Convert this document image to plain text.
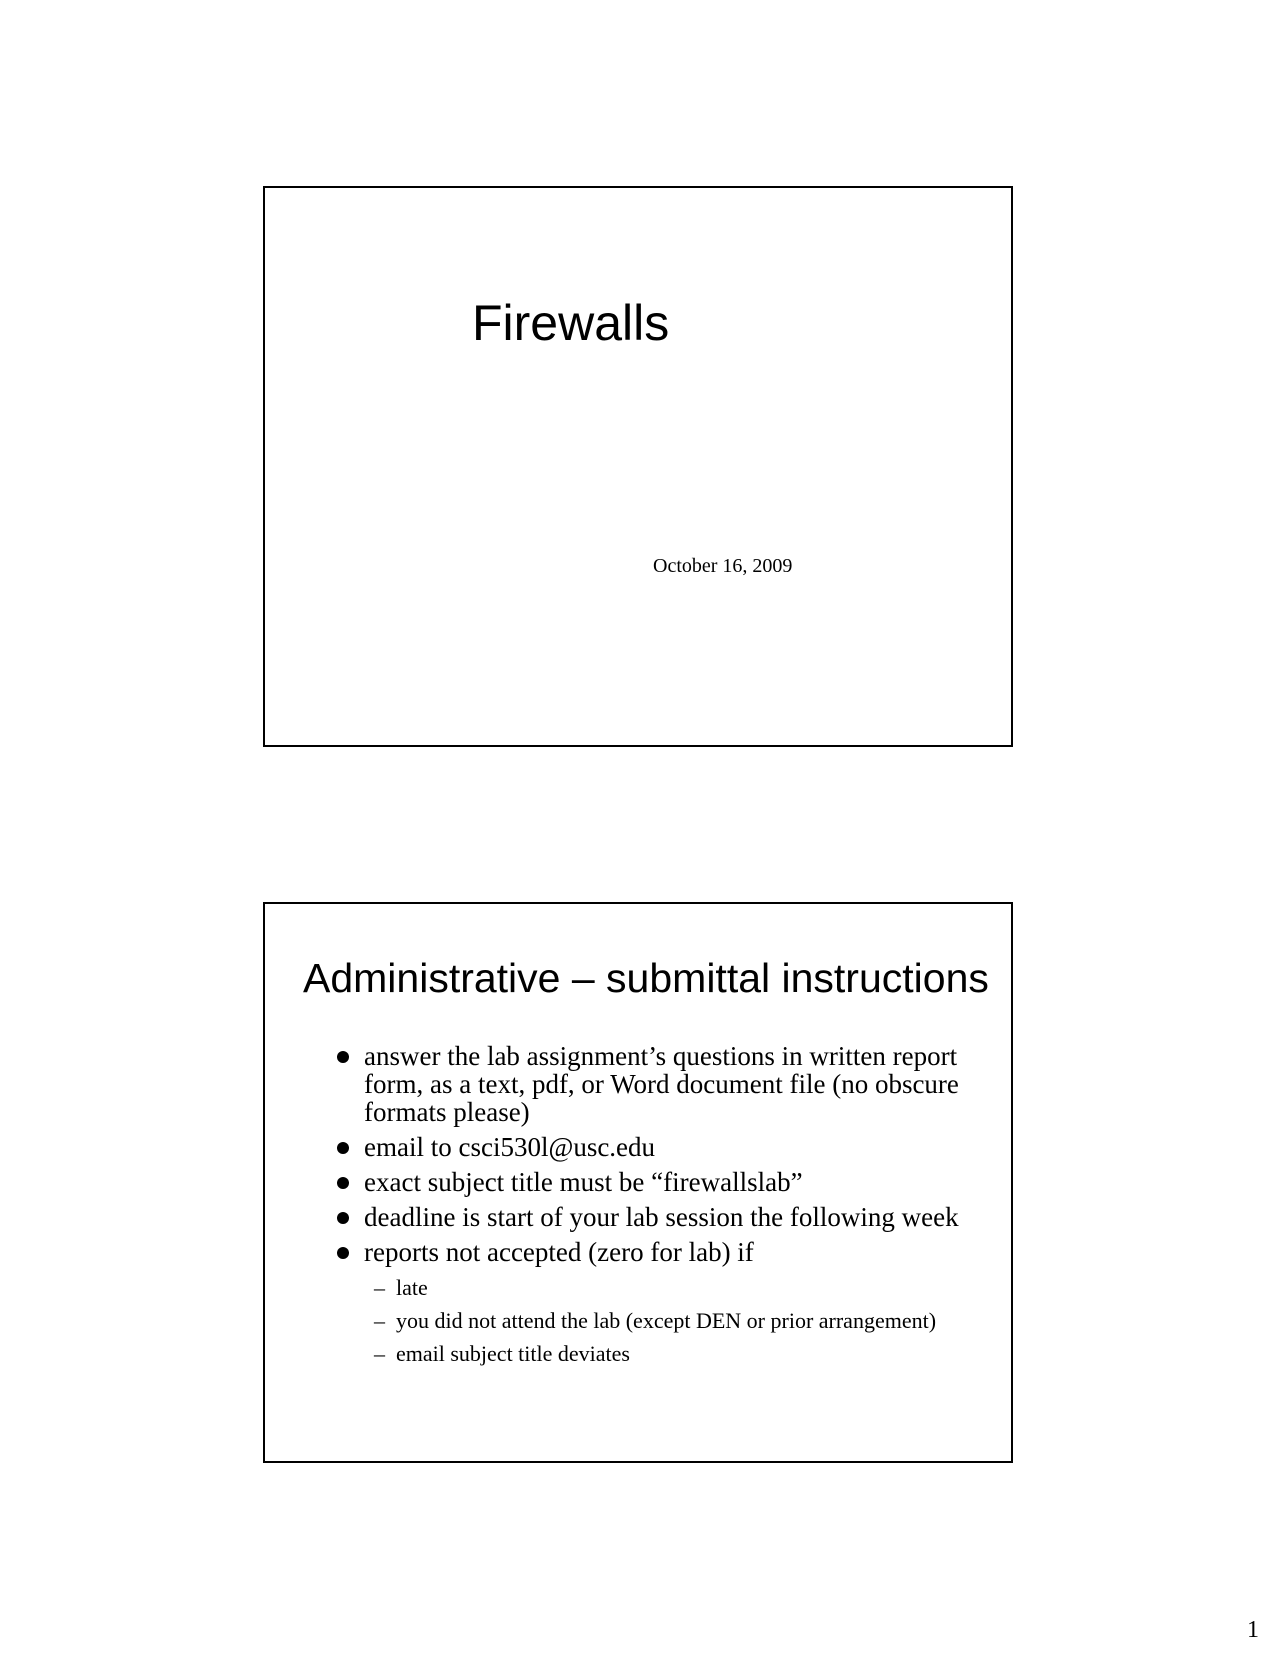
Firewalls
October 16, 2009
Administrative – submittal instructions
answer the lab assignment’s questions in written report form, as a text, pdf, or Word document file (no obscure formats please)
email to csci530l@usc.edu
exact subject title must be “firewallslab”
deadline is start of your lab session the following week
reports not accepted (zero for lab) if
– late
– you did not attend the lab (except DEN or prior arrangement)
– email subject title deviates
1
